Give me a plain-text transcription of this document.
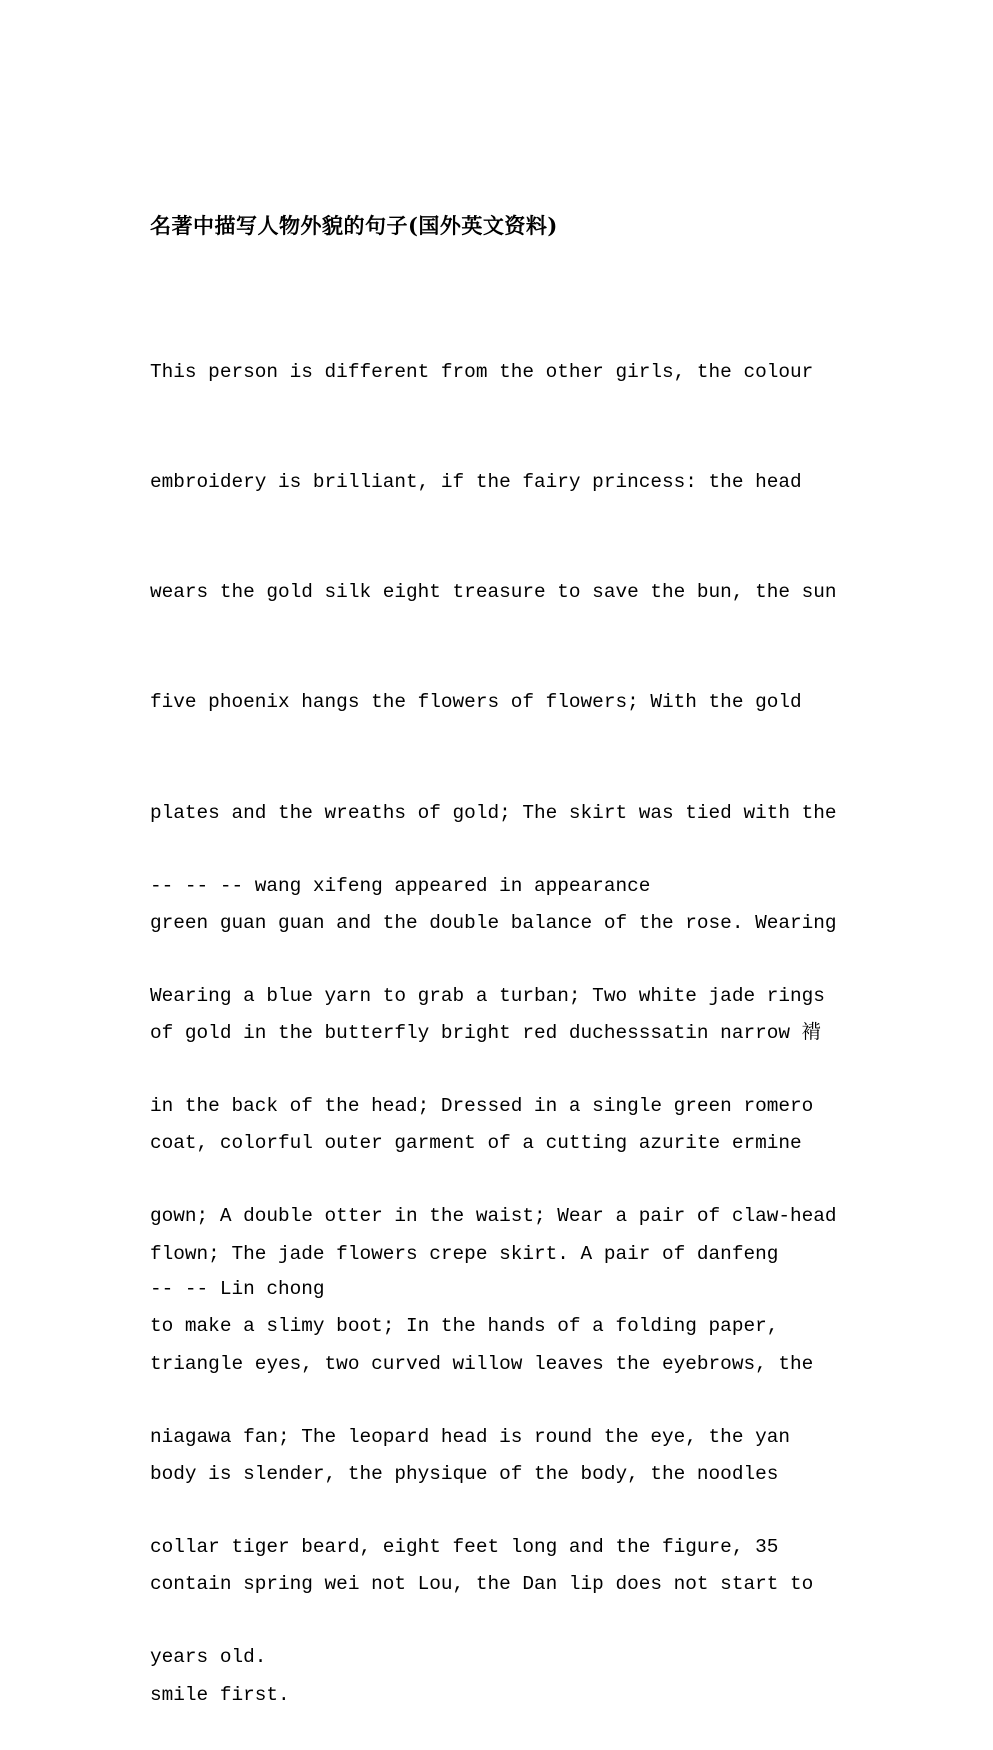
名著中描写人物外貌的句子(国外英文资料)

This person is different from the other girls, the colour

embroidery is brilliant, if the fairy princess: the head

wears the gold silk eight treasure to save the bun, the sun

five phoenix hangs the flowers of flowers; With the gold

plates and the wreaths of gold; The skirt was tied with the

green guan guan and the double balance of the rose. Wearing

of gold in the butterfly bright red duchesssatin narrow 褙

coat, colorful outer garment of a cutting azurite ermine

flown; The jade flowers crepe skirt. A pair of danfeng

triangle eyes, two curved willow leaves the eyebrows, the

body is slender, the physique of the body, the noodles

contain spring wei not Lou, the Dan lip does not start to

smile first.

-- -- -- wang xifeng appeared in appearance

Wearing a blue yarn to grab a turban; Two white jade rings

in the back of the head; Dressed in a single green romero

gown; A double otter in the waist; Wear a pair of claw-head

to make a slimy boot; In the hands of a folding paper,

niagawa fan; The leopard head is round the eye, the yan

collar tiger beard, eight feet long and the figure, 35

years old.

-- -- Lin chong
